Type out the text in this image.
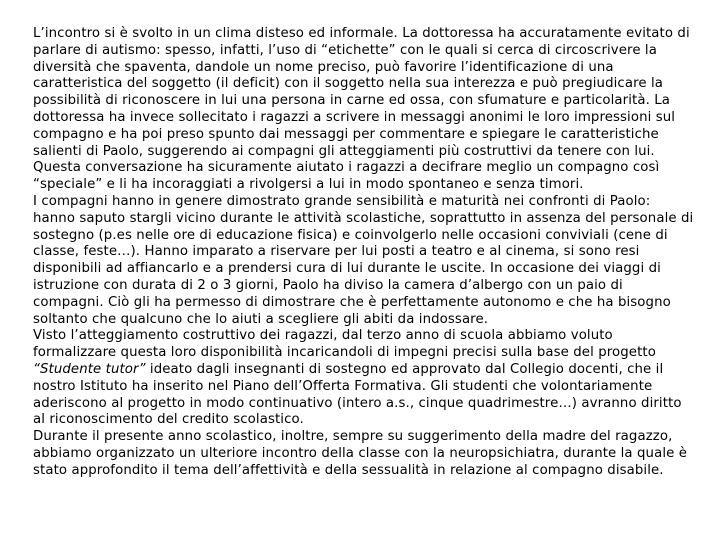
L’incontro si è svolto in un clima disteso ed informale. La dottoressa ha accuratamente evitato di parlare di autismo: spesso, infatti, l’uso di “etichette” con le quali si cerca di circoscrivere la diversità che spaventa, dandole un nome preciso, può favorire l’identificazione di una caratteristica del soggetto (il deficit) con il soggetto nella sua interezza e può pregiudicare la possibilità di riconoscere in lui una persona in carne ed ossa, con sfumature e particolarità. La dottoressa ha invece sollecitato i ragazzi a scrivere in messaggi anonimi le loro impressioni sul compagno e ha poi preso spunto dai messaggi per commentare e spiegare le caratteristiche salienti di Paolo, suggerendo ai compagni gli atteggiamenti più costruttivi da tenere con lui. Questa conversazione ha sicuramente aiutato i ragazzi a decifrare meglio un compagno così “speciale” e li ha incoraggiati a rivolgersi a lui in modo spontaneo e senza timori.

I compagni hanno in genere dimostrato grande sensibilità e maturità nei confronti di Paolo: hanno saputo stargli vicino durante le attività scolastiche, soprattutto in assenza del personale di sostegno (p.es nelle ore di educazione fisica) e coinvolgerlo nelle occasioni conviviali (cene di classe, feste…). Hanno imparato a riservare per lui posti a teatro e al cinema, si sono resi disponibili ad affiancarlo e a prendersi cura di lui durante le uscite. In occasione dei viaggi di istruzione con durata di 2 o 3 giorni, Paolo ha diviso la camera d’albergo con un paio di compagni. Ciò gli ha permesso di dimostrare che è perfettamente autonomo e che ha bisogno soltanto che qualcuno che lo aiuti a scegliere gli abiti da indossare.

Visto l’atteggiamento costruttivo dei ragazzi, dal terzo anno di scuola abbiamo voluto formalizzare questa loro disponibilità incaricandoli di impegni precisi sulla base del progetto “Studente tutor” ideato dagli insegnanti di sostegno ed approvato dal Collegio docenti, che il nostro Istituto ha inserito nel Piano dell’Offerta Formativa. Gli studenti che volontariamente aderiscono al progetto in modo continuativo (intero a.s., cinque quadrimestre…) avranno diritto al riconoscimento del credito scolastico.

Durante il presente anno scolastico, inoltre, sempre su suggerimento della madre del ragazzo, abbiamo organizzato un ulteriore incontro della classe con la neuropsichiatra, durante la quale è stato approfondito il tema dell’affettività e della sessualità in relazione al compagno disabile.
